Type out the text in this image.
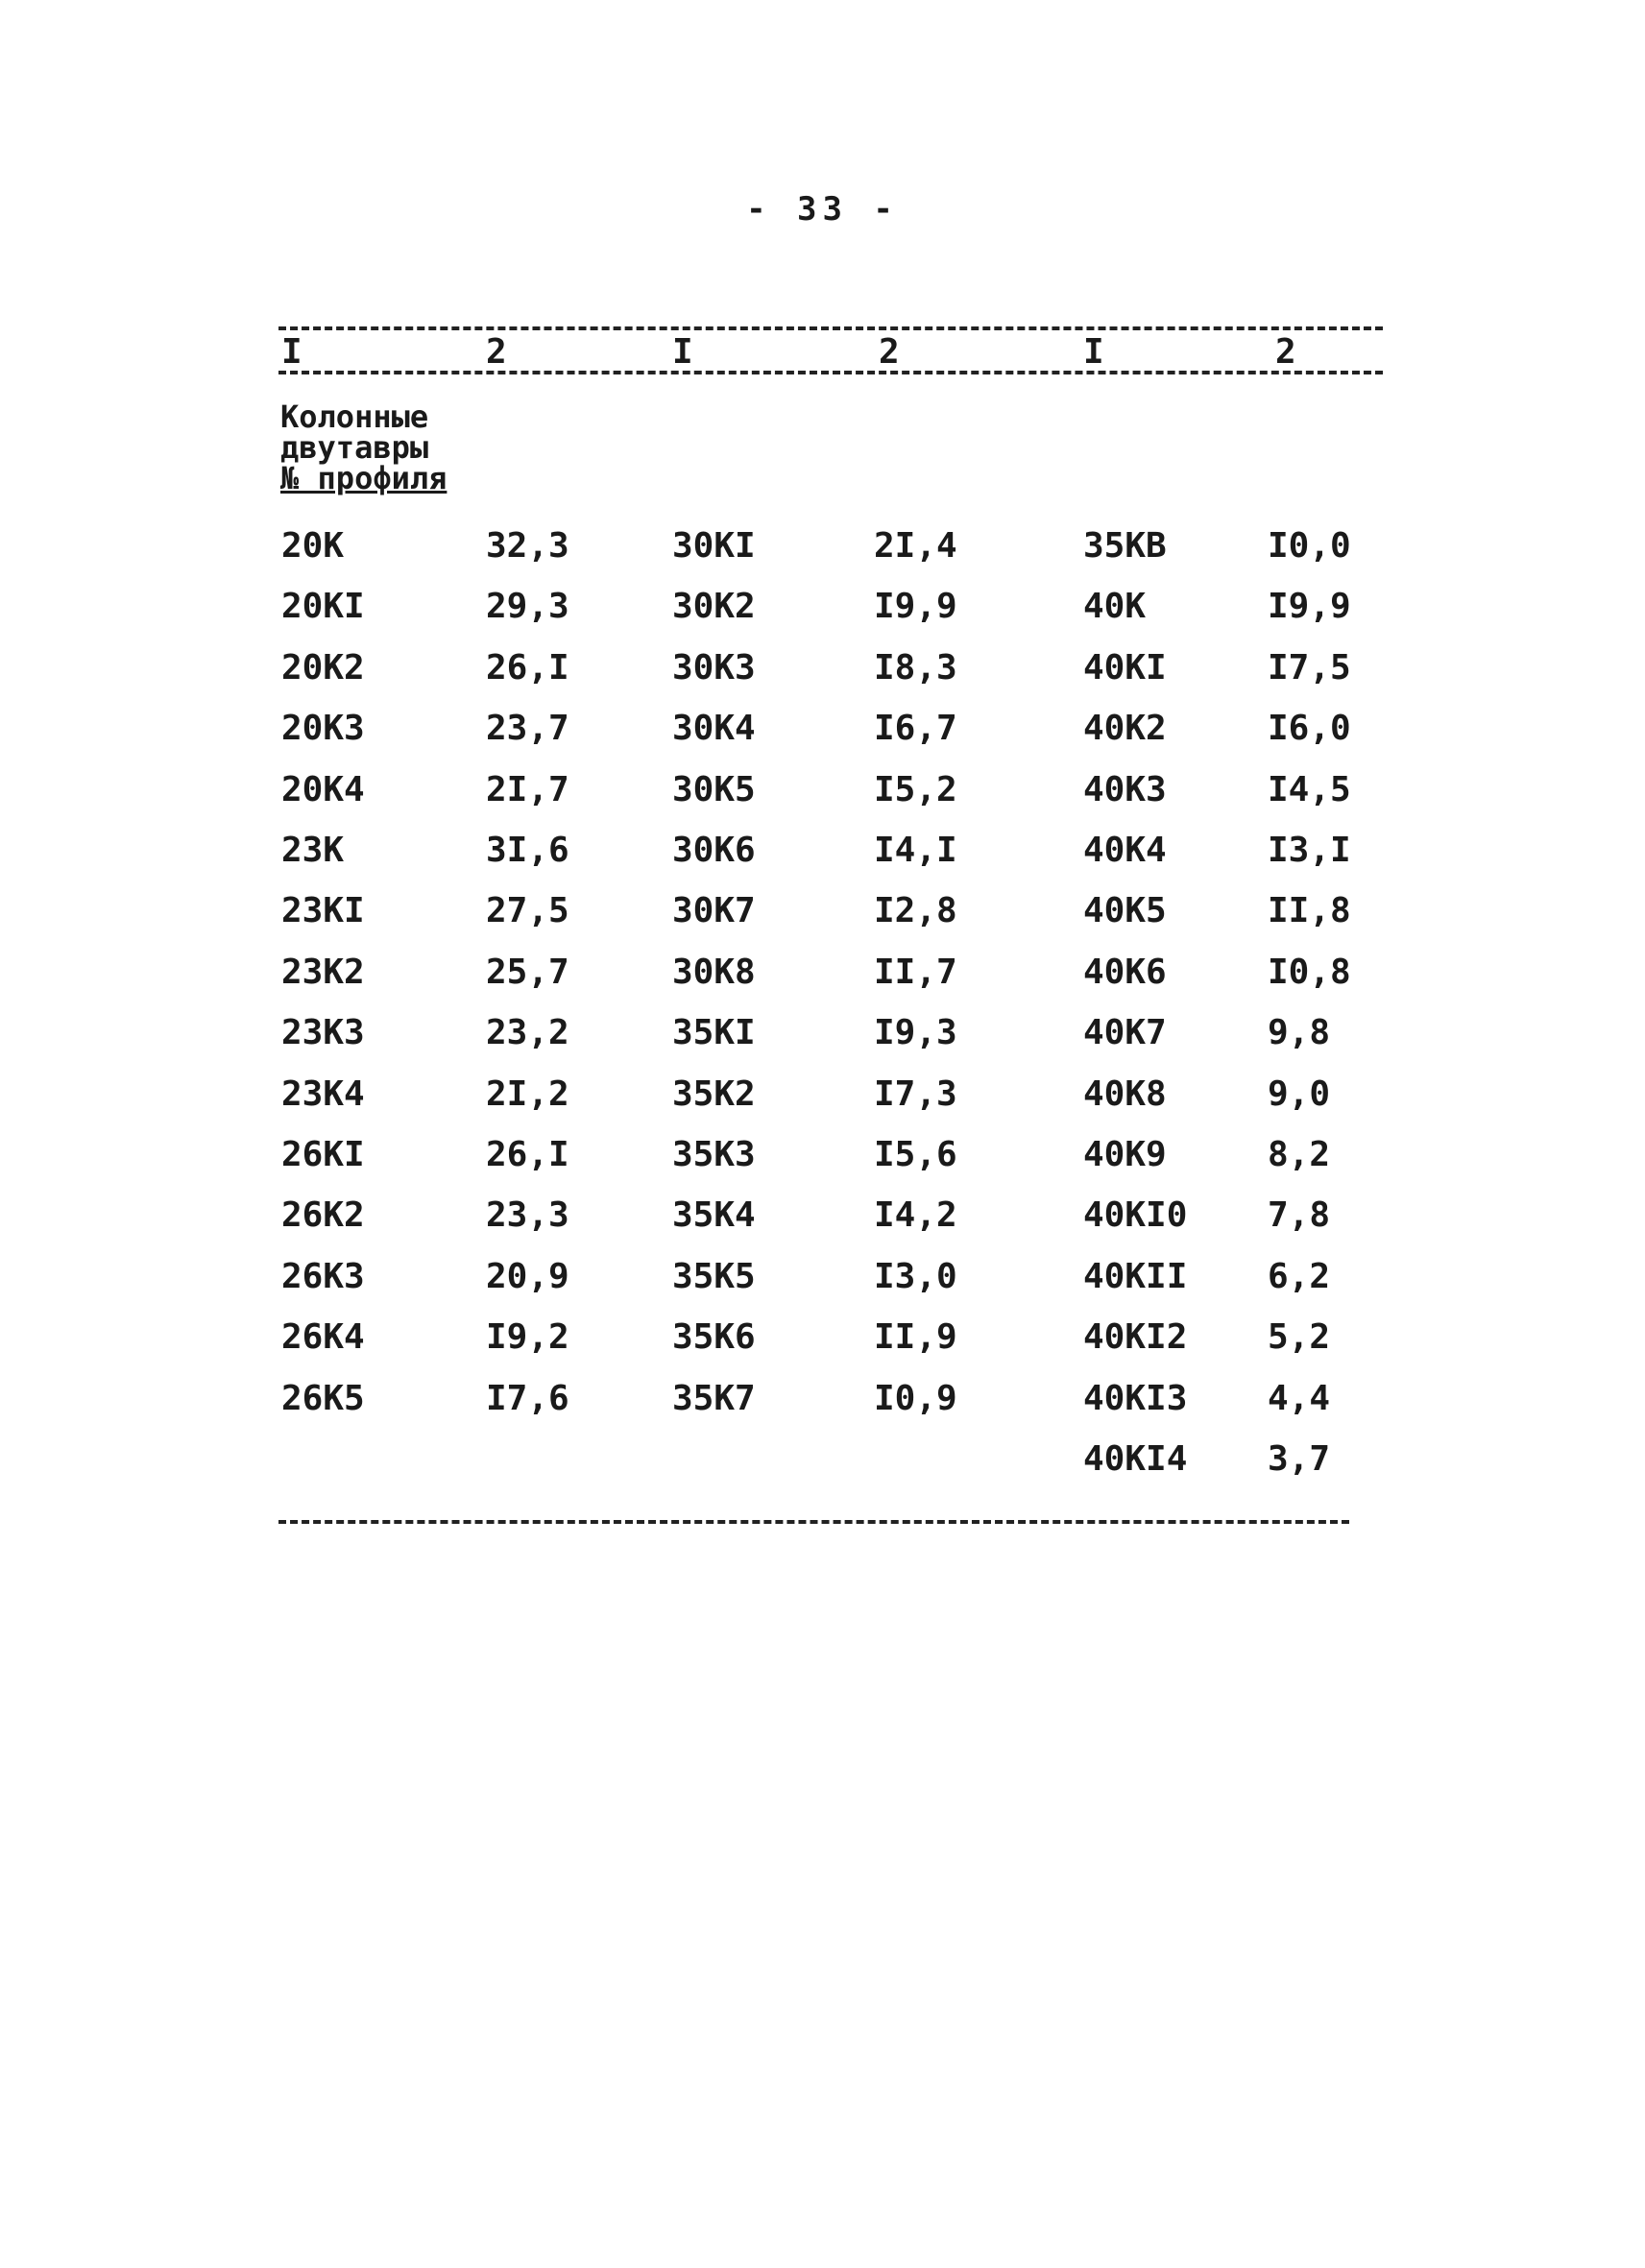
- 33 -
I	2	I	2	I	2
Колонные
двутавры
№ профиля
20К	32,3	30КI	2I,4	35КВ	I0,0
20КI	29,3	30К2	I9,9	40К	I9,9
20К2	26,I	30К3	I8,3	40КI	I7,5
20К3	23,7	30К4	I6,7	40К2	I6,0
20К4	2I,7	30К5	I5,2	40К3	I4,5
23К	3I,6	30К6	I4,I	40К4	I3,I
23КI	27,5	30К7	I2,8	40К5	II,8
23К2	25,7	30К8	II,7	40К6	I0,8
23К3	23,2	35КI	I9,3	40К7	9,8
23К4	2I,2	35К2	I7,3	40К8	9,0
26КI	26,I	35К3	I5,6	40К9	8,2
26К2	23,3	35К4	I4,2	40КI0 7,8
26К3	20,9	35К5	I3,0	40КII 6,2
26К4	I9,2	35К6	II,9	40КI2 5,2
26К5	I7,6	35К7	I0,9	40КI3 4,4
40КI4 3,7
